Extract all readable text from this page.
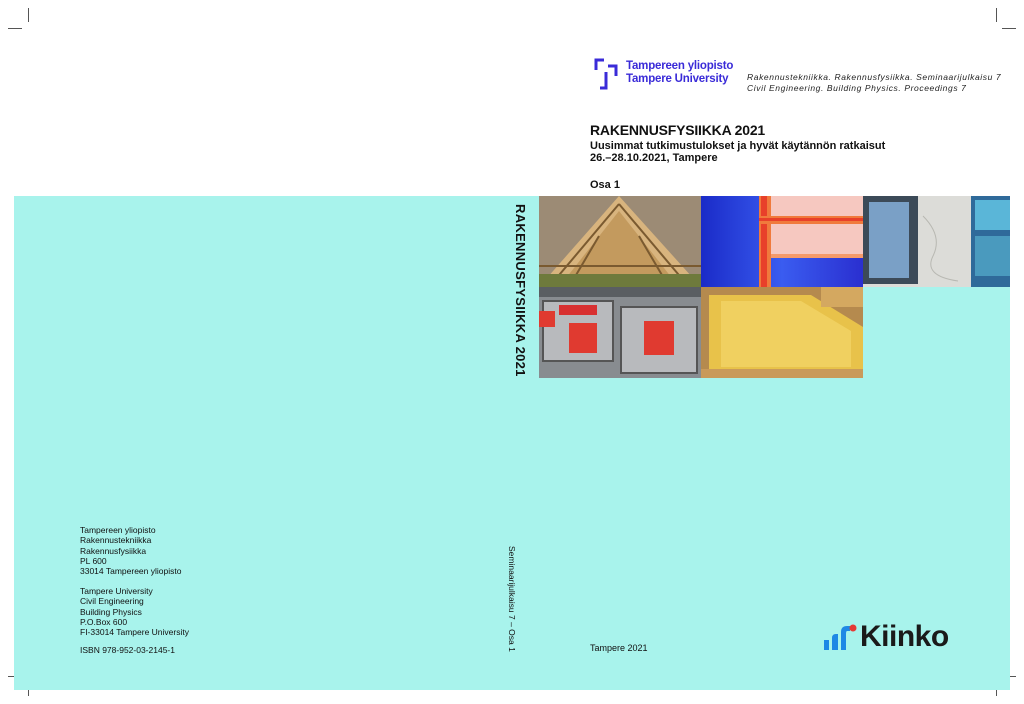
Tampereen yliopisto
Tampere University	Rakennustekniikka. Rakennusfysiikka. Seminaarijulkaisu 7
Civil Engineering. Building Physics. Proceedings 7
RAKENNUSFYSIIKKA 2021
Uusimmat tutkimustulokset ja hyvät käytännön ratkaisut
26.–28.10.2021, Tampere
Osa 1
RAKENNUSFYSIIKKA 2021
Seminaarijulkaisu 7 – Osa 1
Tampereen yliopisto
Rakennustekniikka
Rakennusfysiikka
PL 600
33014 Tampereen yliopisto
Tampere University
Civil Engineering
Building Physics
P.O.Box 600
FI-33014 Tampere University
ISBN 978-952-03-2145-1	Tampere 2021	Kiinko
